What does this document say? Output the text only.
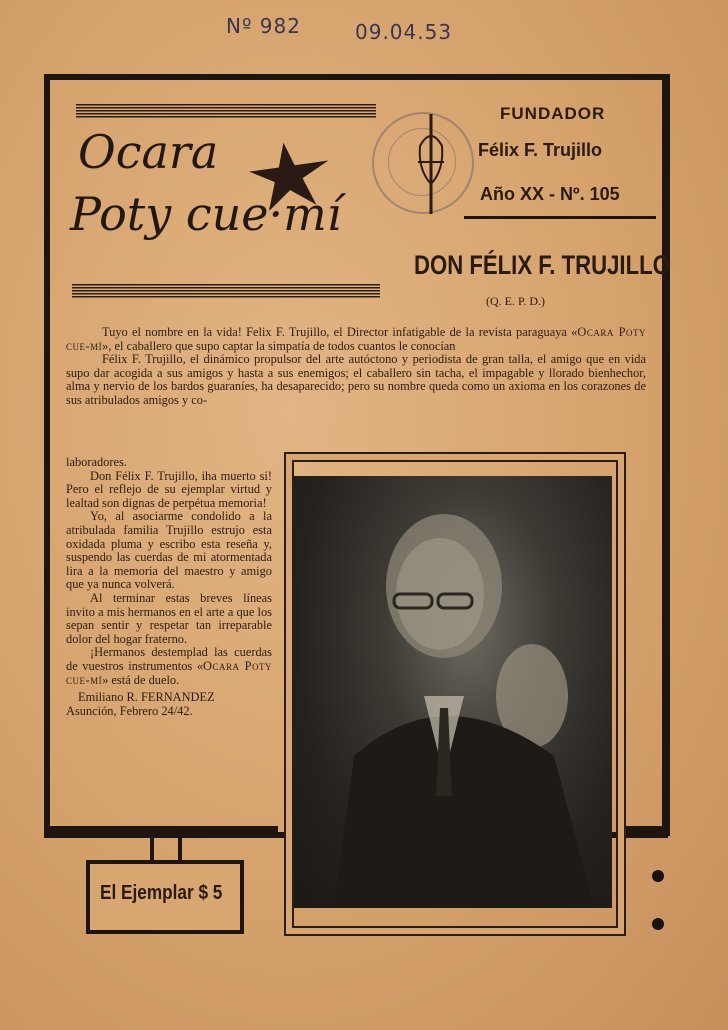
Nº 982	09.04.53
Ocara
Poty cue·mí
FUNDADOR
Félix F. Trujillo
Año XX - Nº. 105
DON FÉLIX F. TRUJILLO
(Q. E. P. D.)

Tuyo el nombre en la vida! Felix F. Trujillo, el Director infatigable de la revista paraguaya «Ocara Poty cue-mí», el caballero que supo captar la simpatía de todos cuantos le conocían

Félix F. Trujillo, el dinámico propulsor del arte autóctono y periodista de gran talla, el amigo que en vida supo dar acogida a sus amigos y hasta a sus enemigos; el caballero sin tacha, el impagable y llorado bienhechor, alma y nervio de los bardos guaraníes, ha desaparecido; pero su nombre queda como un axioma en los corazones de sus atribulados amigos y co-

laboradores.

Don Félix F. Trujillo, iha muerto sí! Pero el reflejo de su ejemplar virtud y lealtad son dignas de perpétua memoria!

Yo, al asociarme condolido a la atribulada familia Trujillo estrujo esta oxidada pluma y escribo esta reseña y, suspendo las cuerdas de mi atormentada lira a la memoria del maestro y amigo que ya nunca volverá.

Al terminar estas breves líneas invito a mis hermanos en el arte a que los sepan sentir y respetar tan irreparable dolor del hogar fraterno.

¡Hermanos destemplad las cuerdas de vuestros instrumentos «Ocara Poty cue-mí» está de duelo.

Emiliano R. FERNANDEZ

Asunción, Febrero 24/42.

El Ejemplar $ 5
